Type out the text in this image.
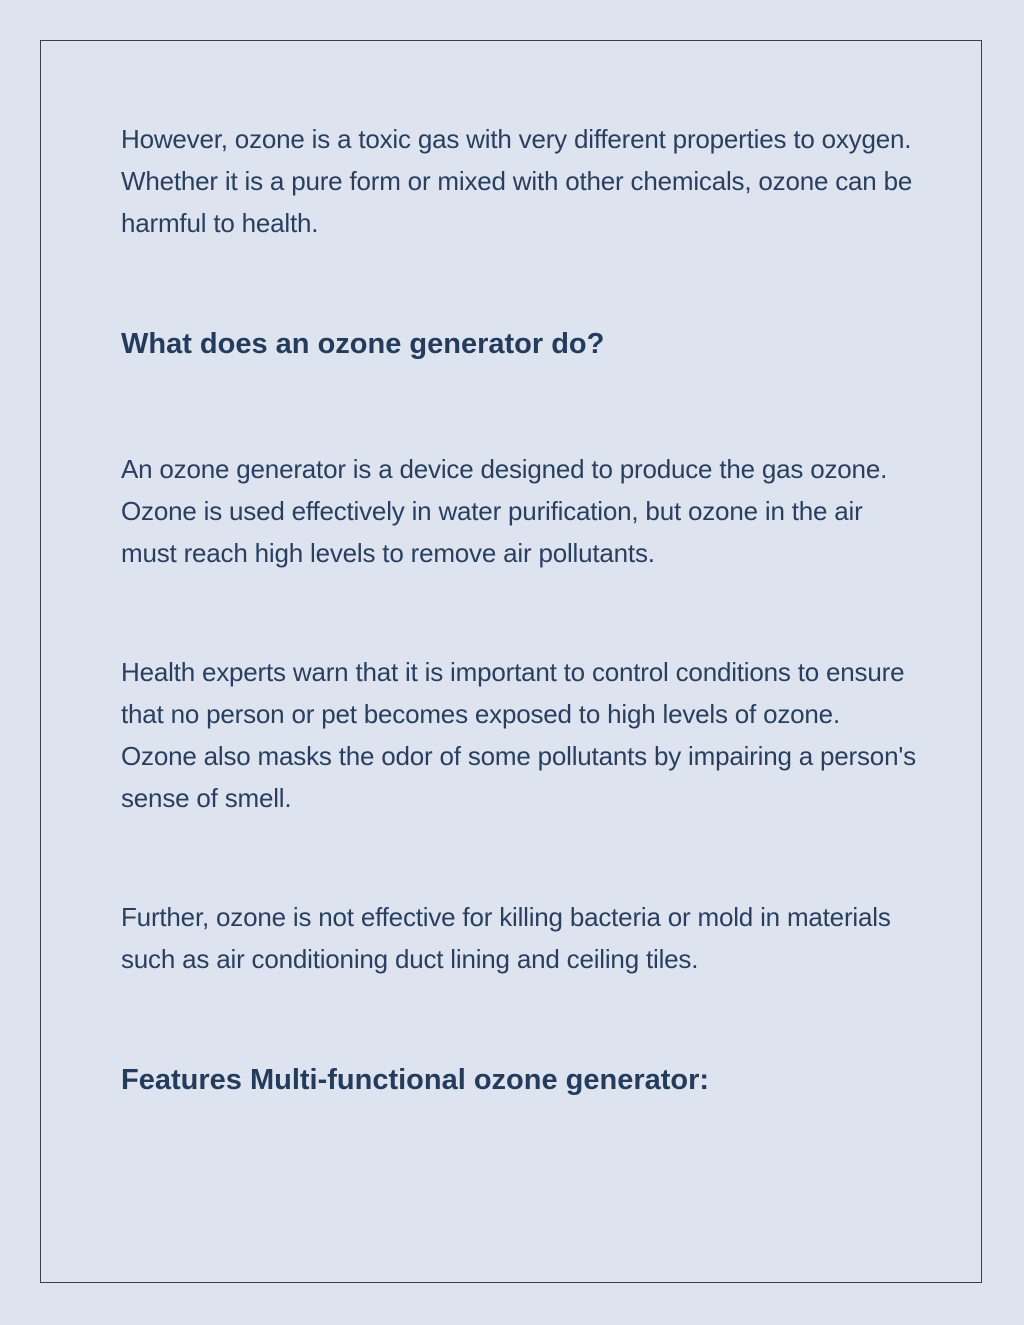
However, ozone is a toxic gas with very different properties to oxygen. Whether it is a pure form or mixed with other chemicals, ozone can be harmful to health.

What does an ozone generator do?

An ozone generator is a device designed to produce the gas ozone. Ozone is used effectively in water purification, but ozone in the air must reach high levels to remove air pollutants.

Health experts warn that it is important to control conditions to ensure that no person or pet becomes exposed to high levels of ozone. Ozone also masks the odor of some pollutants by impairing a person's sense of smell.

Further, ozone is not effective for killing bacteria or mold in materials such as air conditioning duct lining and ceiling tiles.

Features Multi-functional ozone generator:
